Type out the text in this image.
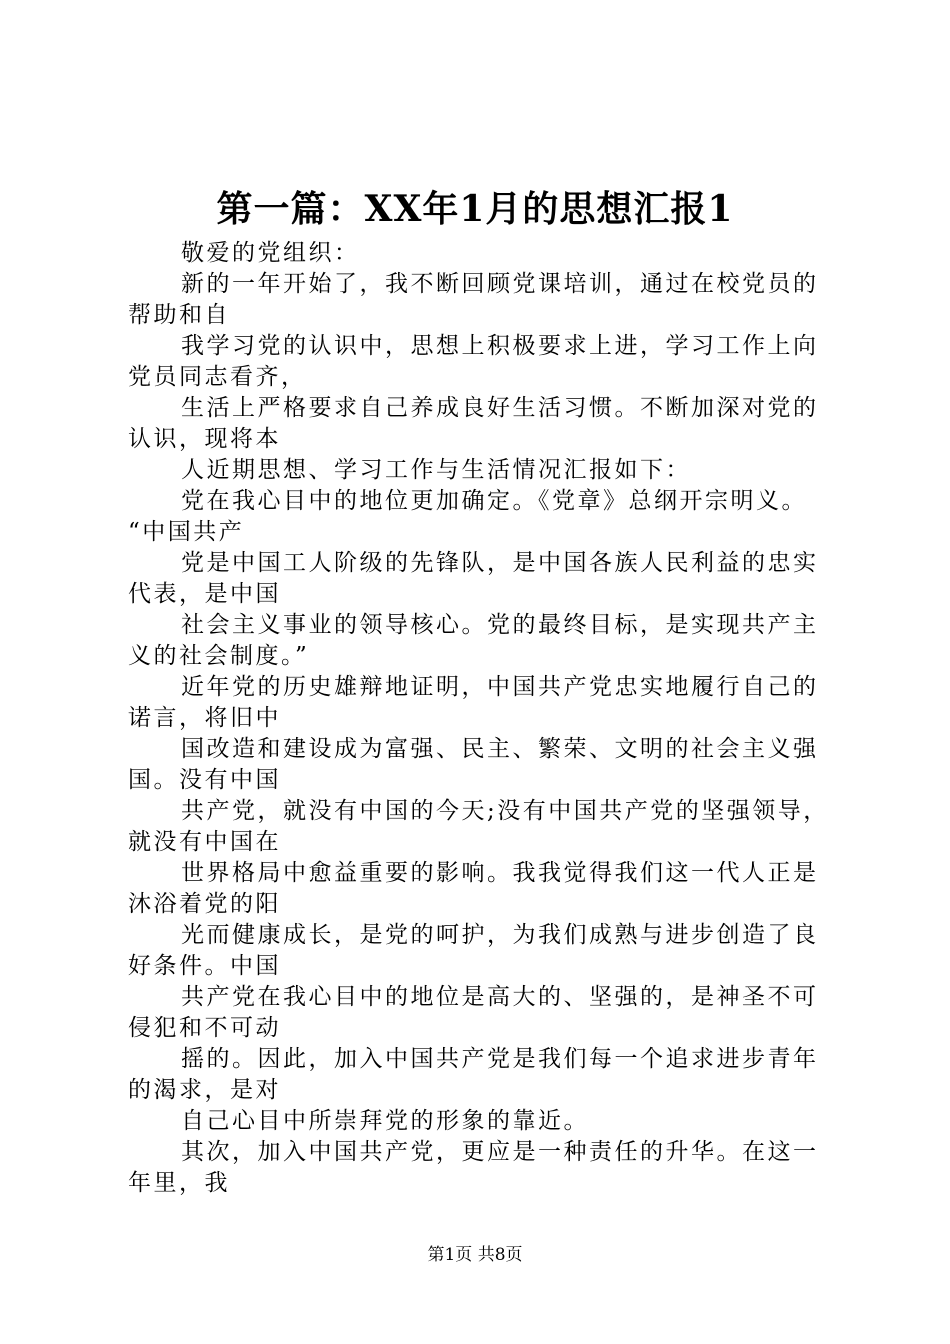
第一篇：XX年1月的思想汇报1

敬爱的党组织：

新的一年开始了，我不断回顾党课培训，通过在校党员的
帮助和自

我学习党的认识中，思想上积极要求上进，学习工作上向
党员同志看齐，

生活上严格要求自己养成良好生活习惯。不断加深对党的
认识，现将本

人近期思想、学习工作与生活情况汇报如下：

党在我心目中的地位更加确定。《党章》总纲开宗明义。
“中国共产

党是中国工人阶级的先锋队，是中国各族人民利益的忠实
代表，是中国

社会主义事业的领导核心。党的最终目标，是实现共产主
义的社会制度。”

近年党的历史雄辩地证明，中国共产党忠实地履行自己的
诺言，将旧中

国改造和建设成为富强、民主、繁荣、文明的社会主义强
国。没有中国

共产党，就没有中国的今天;没有中国共产党的坚强领导，
就没有中国在

世界格局中愈益重要的影响。我我觉得我们这一代人正是
沐浴着党的阳

光而健康成长，是党的呵护，为我们成熟与进步创造了良
好条件。中国

共产党在我心目中的地位是高大的、坚强的，是神圣不可
侵犯和不可动

摇的。因此，加入中国共产党是我们每一个追求进步青年
的渴求，是对

自己心目中所崇拜党的形象的靠近。

其次，加入中国共产党，更应是一种责任的升华。在这一
年里，我

第1页 共8页
